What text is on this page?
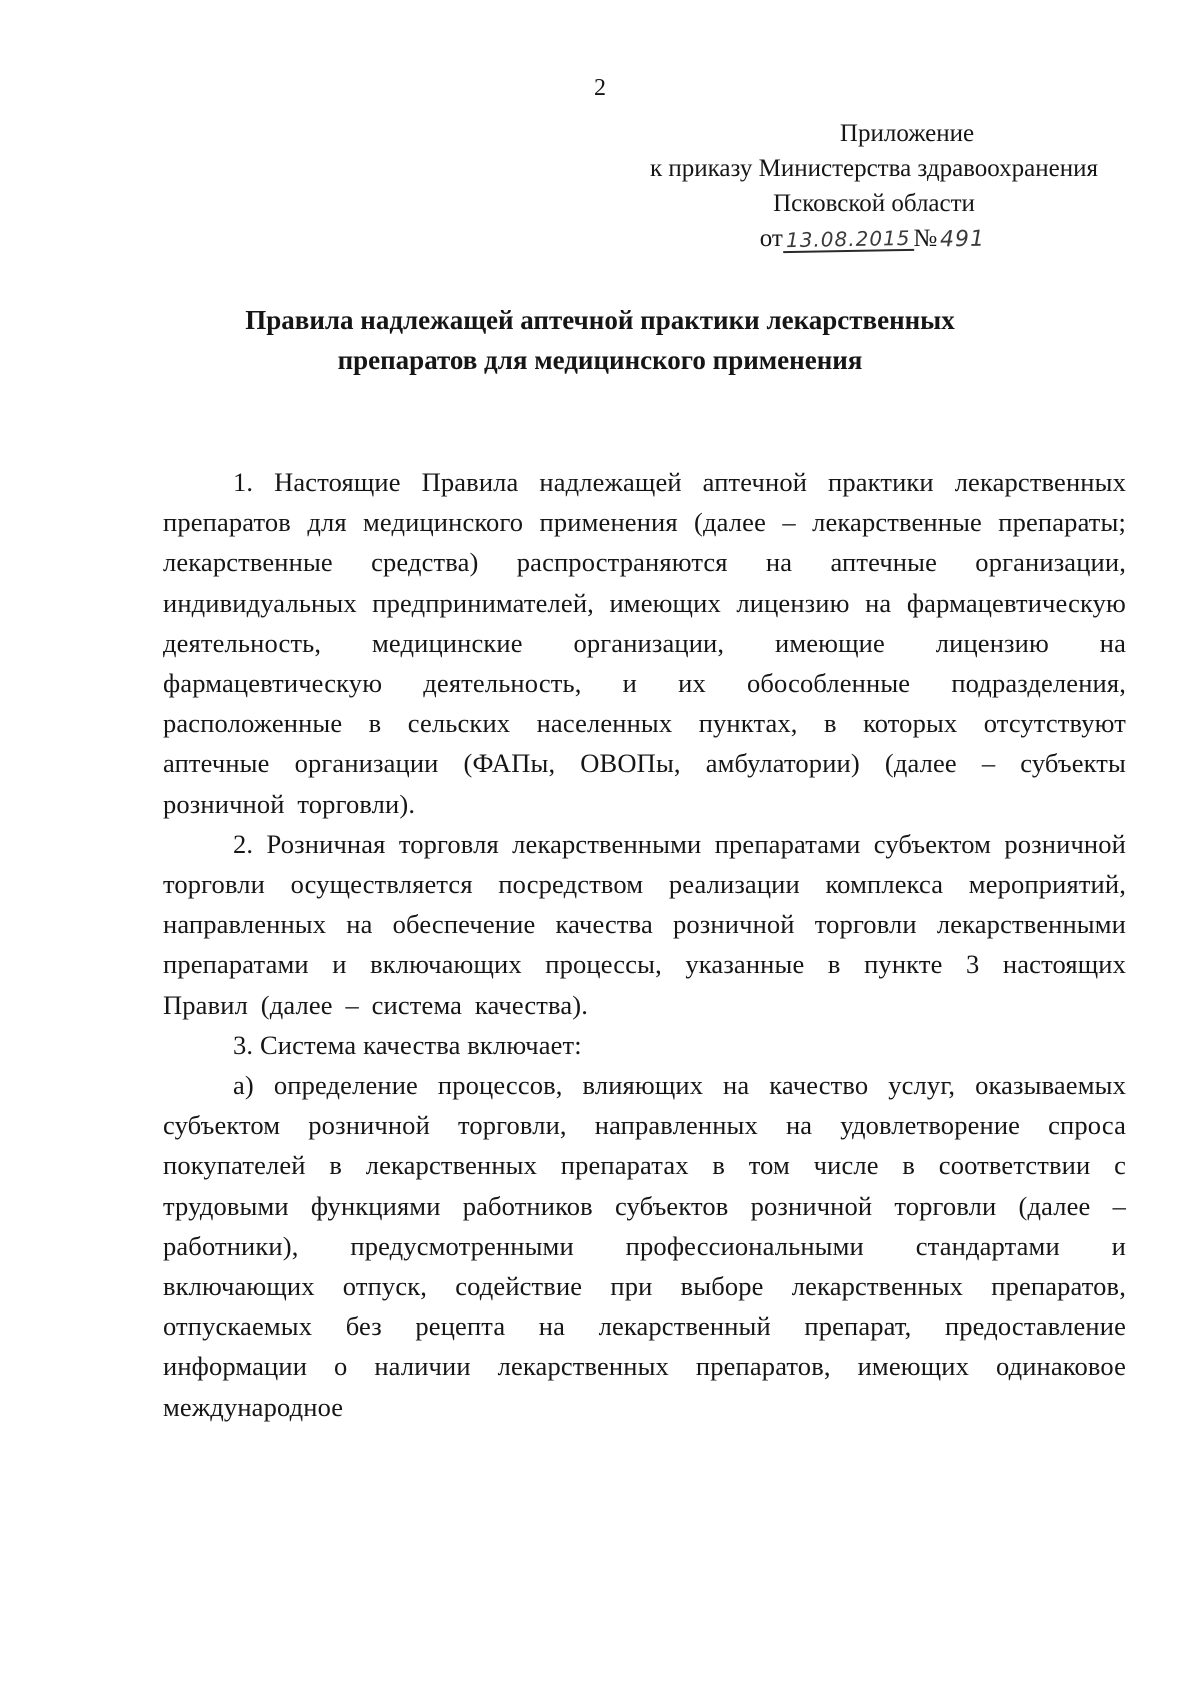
2
Приложение
к приказу Министерства здравоохранения
Псковской области
от 13.08.2015 № 491
Правила надлежащей аптечной практики лекарственных
препаратов для медицинского применения

1. Настоящие Правила надлежащей аптечной практики лекарственных препаратов для медицинского применения (далее – лекарственные препараты; лекарственные средства) распространяются на аптечные организации, индивидуальных предпринимателей, имеющих лицензию на фармацевтическую деятельность, медицинские организации, имеющие лицензию на фармацевтическую деятельность, и их обособленные подразделения, расположенные в сельских населенных пунктах, в которых отсутствуют аптечные организации (ФАПы, ОВОПы, амбулатории) (далее – субъекты розничной торговли).

2. Розничная торговля лекарственными препаратами субъектом розничной торговли осуществляется посредством реализации комплекса мероприятий, направленных на обеспечение качества розничной торговли лекарственными препаратами и включающих процессы, указанные в пункте 3 настоящих Правил (далее – система качества).

3. Система качества включает:

а) определение процессов, влияющих на качество услуг, оказываемых субъектом розничной торговли, направленных на удовлетворение спроса покупателей в лекарственных препаратах в том числе в соответствии с трудовыми функциями работников субъектов розничной торговли (далее – работники), предусмотренными профессиональными стандартами и включающих отпуск, содействие при выборе лекарственных препаратов, отпускаемых без рецепта на лекарственный препарат, предоставление информации о наличии лекарственных препаратов, имеющих одинаковое международное
